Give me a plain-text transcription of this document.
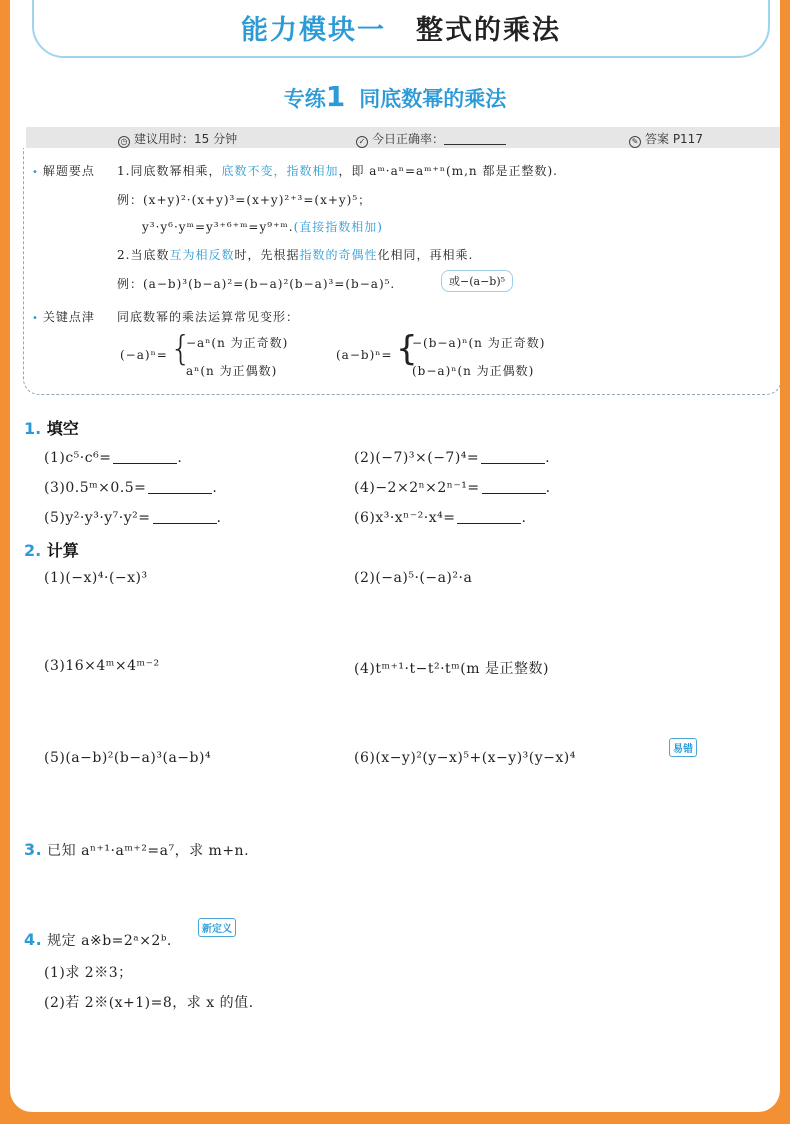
能力模块一 整式的乘法
专练1 同底数幂的乘法
◷ 建议用时：15 分钟	✓ 今日正确率：	✎ 答案 P117
• 解题要点 1.同底数幂相乘，底数不变，指数相加，即 aᵐ·aⁿ=aᵐ⁺ⁿ(m,n 都是正整数).
例：(x+y)²·(x+y)³=(x+y)²⁺³=(x+y)⁵；
y³·y⁶·yᵐ=y³⁺⁶⁺ᵐ=y⁹⁺ᵐ.(直接指数相加)
2.当底数互为相反数时，先根据指数的奇偶性化相同，再相乘.
例：(a−b)³(b−a)²=(b−a)²(b−a)³=(b−a)⁵.	或−(a−b)⁵
• 关键点津 同底数幂的乘法运算常见变形：
(−a)ⁿ= {
−aⁿ(n 为正奇数)
aⁿ(n 为正偶数)
(a−b)ⁿ= {
−(b−a)ⁿ(n 为正奇数)
(b−a)ⁿ(n 为正偶数)
1. 填空
(1)c⁵·c⁶=	.	(2)(−7)³×(−7)⁴=	.
(3)0.5ᵐ×0.5=	.	(4)−2×2ⁿ×2ⁿ⁻¹=	.
(5)y²·y³·y⁷·y²=	.	(6)x³·xⁿ⁻²·x⁴=	.
2. 计算
(1)(−x)⁴·(−x)³	(2)(−a)⁵·(−a)²·a
(3)16×4ᵐ×4ᵐ⁻²	(4)tᵐ⁺¹·t−t²·tᵐ(m 是正整数)
(5)(a−b)²(b−a)³(a−b)⁴	(6)(x−y)²(y−x)⁵+(x−y)³(y−x)⁴
易错
3. 已知 aⁿ⁺¹·aᵐ⁺²=a⁷，求 m+n.
4. 规定 a※b=2ᵃ×2ᵇ.
新定义
(1)求 2※3；
(2)若 2※(x+1)=8，求 x 的值.
